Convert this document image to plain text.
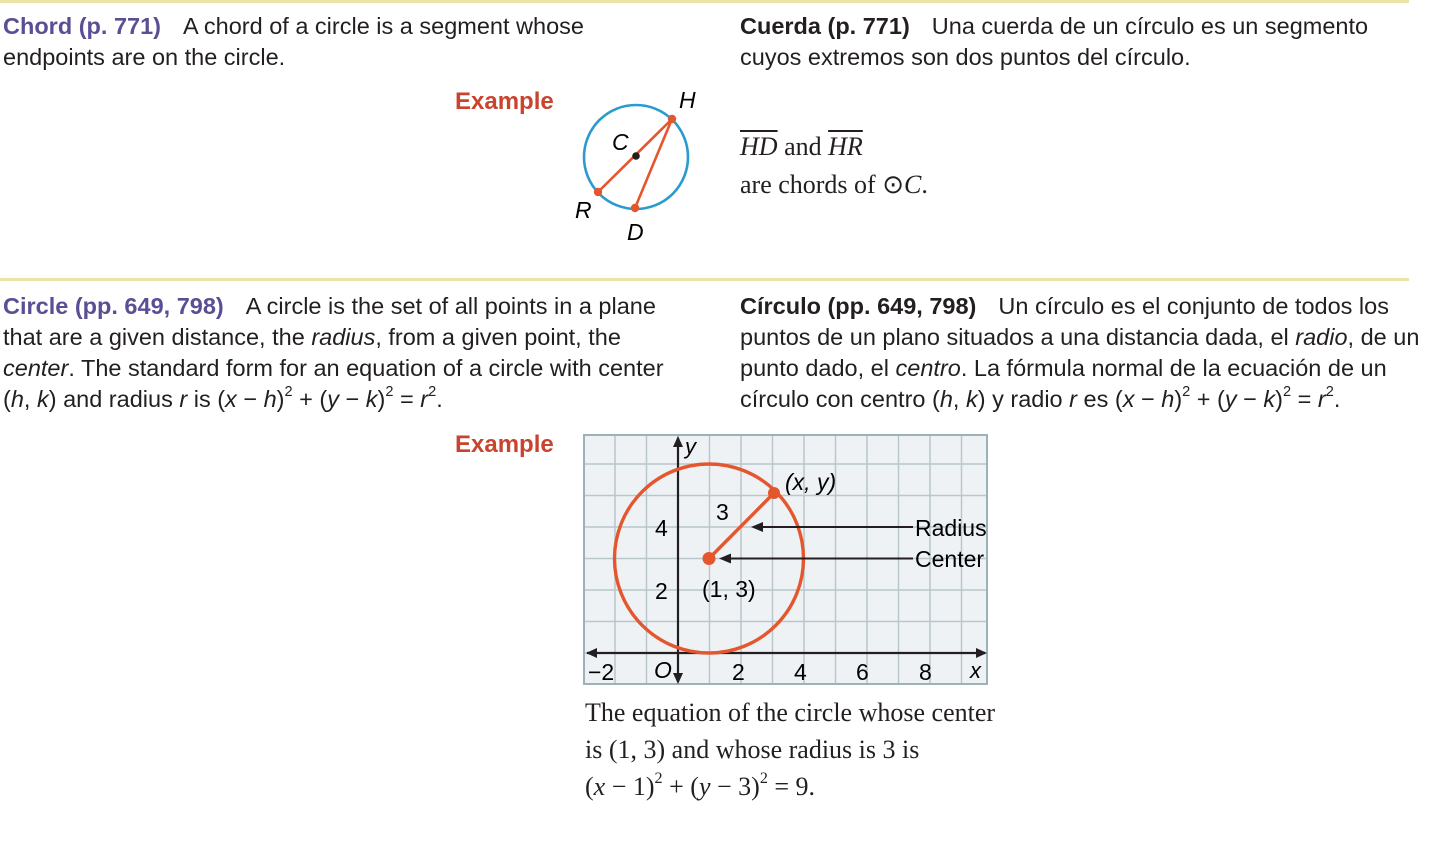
Chord (p. 771) A chord of a circle is a segment whose endpoints are on the circle.
Cuerda (p. 771) Una cuerda de un círculo es un segmento cuyos extremos son dos puntos del círculo.
Example	H
C
R
D
$\overline{HD}$ and $\overline{HR}$
are chords of ⊙C.
Circle (pp. 649, 798) A circle is the set of all points in a plane that are a given distance, the radius, from a given point, the center. The standard form for an equation of a circle with center (h, k) and radius r is $(x - h)^2 + (y - k)^2 = r^2$.
Círculo (pp. 649, 798) Un círculo es el conjunto de todos los puntos de un plano situados a una distancia dada, el radio, de un punto dado, el centro. La fórmula normal de la ecuación de un círculo con centro (h, k) y radio r es $(x - h)^2 + (y - k)^2 = r^2$.
Example	y
x
O
−2	2 4 6 8
4
2
3
(x, y)
(1, 3)
Radius
Center
The equation of the circle whose center
is (1, 3) and whose radius is 3 is
$(x - 1)^2 + (y - 3)^2 = 9$.
